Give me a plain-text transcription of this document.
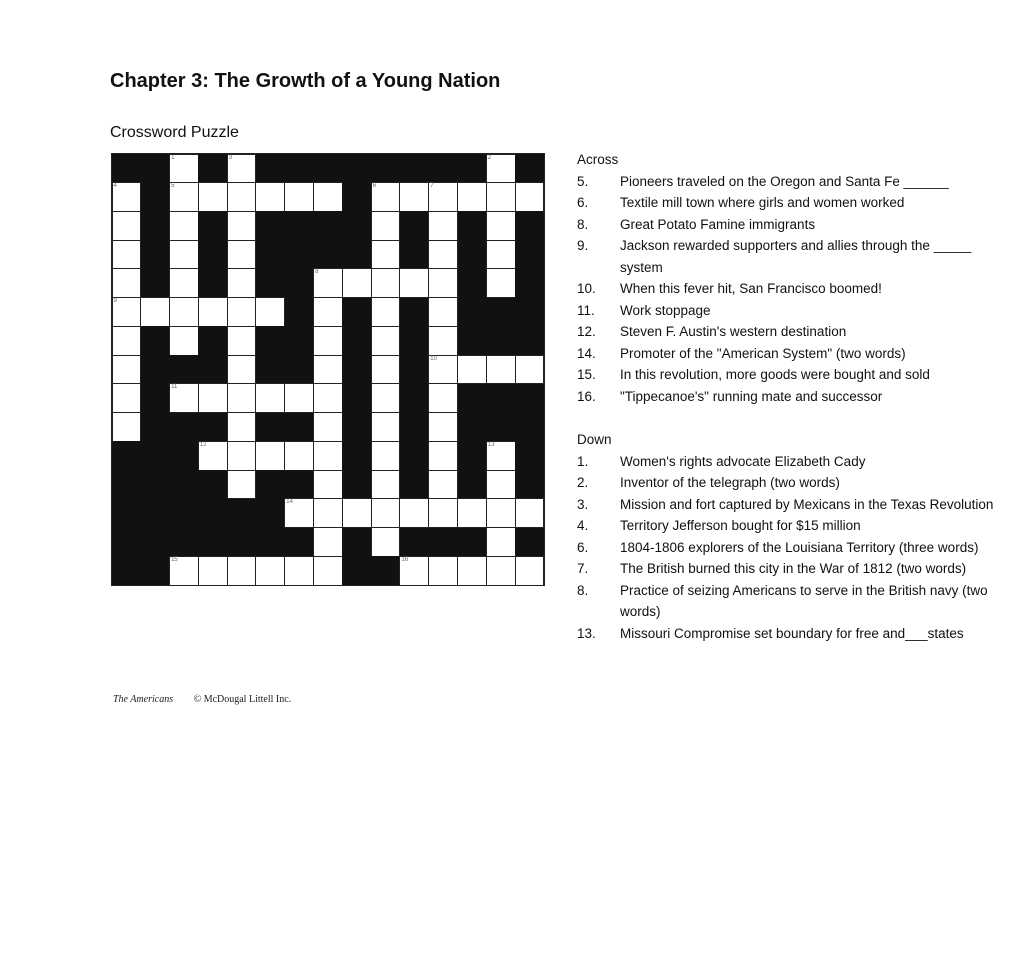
Chapter 3: The Growth of a Young Nation
Crossword Puzzle
1	3	2
4	5	6	7
8
9
10
11
12	13
14
15	16
Across
5.	Pioneers traveled on the Oregon and Santa Fe ______
6.	Textile mill town where girls and women worked
8.	Great Potato Famine immigrants
9.	Jackson rewarded supporters and allies through the _____ system
10.	When this fever hit, San Francisco boomed!
11.	Work stoppage
12.	Steven F. Austin's western destination
14.	Promoter of the "American System" (two words)
15.	In this revolution, more goods were bought and sold
16.	"Tippecanoe's" running mate and successor
Down
1.	Women's rights advocate Elizabeth Cady
2.	Inventor of the telegraph (two words)
3.	Mission and fort captured by Mexicans in the Texas Revolution
4.	Territory Jefferson bought for $15 million
6.	1804-1806 explorers of the Louisiana Territory (three words)
7.	The British burned this city in the War of 1812 (two words)
8.	Practice of seizing Americans to serve in the British navy (two words)
13.	Missouri Compromise set boundary for free and___states
The Americans © McDougal Littell Inc.
